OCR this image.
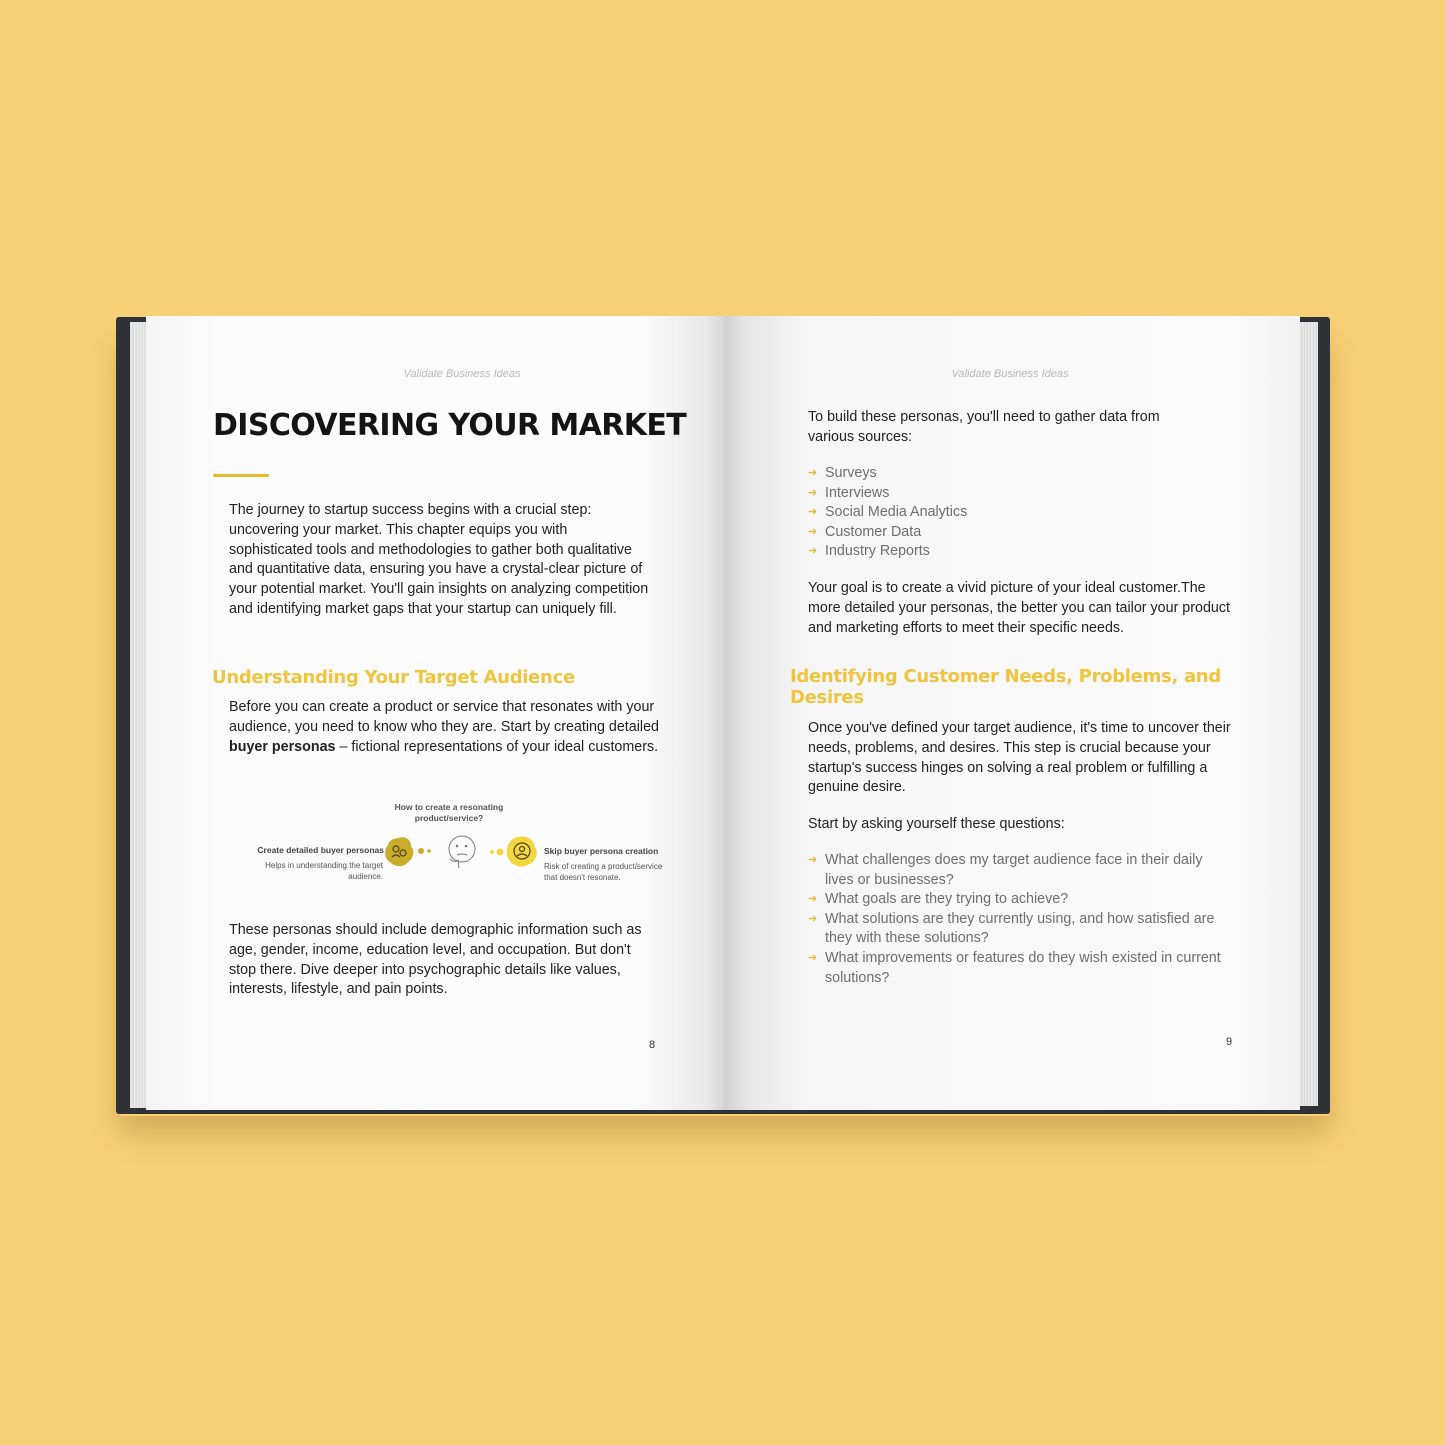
Validate Business Ideas
DISCOVERING YOUR MARKET

The journey to startup success begins with a crucial step: uncovering your market. This chapter equips you with sophisticated tools and methodologies to gather both qualitative and quantitative data, ensuring you have a crystal-clear picture of your potential market. You'll gain insights on analyzing competition and identifying market gaps that your startup can uniquely fill.

Understanding Your Target Audience

Before you can create a product or service that resonates with your audience, you need to know who they are. Start by creating detailed buyer personas – fictional representations of your ideal customers.

How to create a resonating product/service?
Create detailed buyer personas
Helps in understanding the target audience.
Skip buyer persona creation
Risk of creating a product/service that doesn't resonate.

These personas should include demographic information such as age, gender, income, education level, and occupation. But don't stop there. Dive deeper into psychographic details like values, interests, lifestyle, and pain points.

8
Validate Business Ideas

To build these personas, you'll need to gather data from various sources:

➔ Surveys
➔ Interviews
➔ Social Media Analytics
➔ Customer Data
➔ Industry Reports

Your goal is to create a vivid picture of your ideal customer.The more detailed your personas, the better you can tailor your product and marketing efforts to meet their specific needs.

Identifying Customer Needs, Problems, and Desires

Once you've defined your target audience, it's time to uncover their needs, problems, and desires. This step is crucial because your startup's success hinges on solving a real problem or fulfilling a genuine desire.

Start by asking yourself these questions:

➔ What challenges does my target audience face in their daily lives or businesses?
➔ What goals are they trying to achieve?
➔ What solutions are they currently using, and how satisfied are they with these solutions?
➔ What improvements or features do they wish existed in current solutions?
9
